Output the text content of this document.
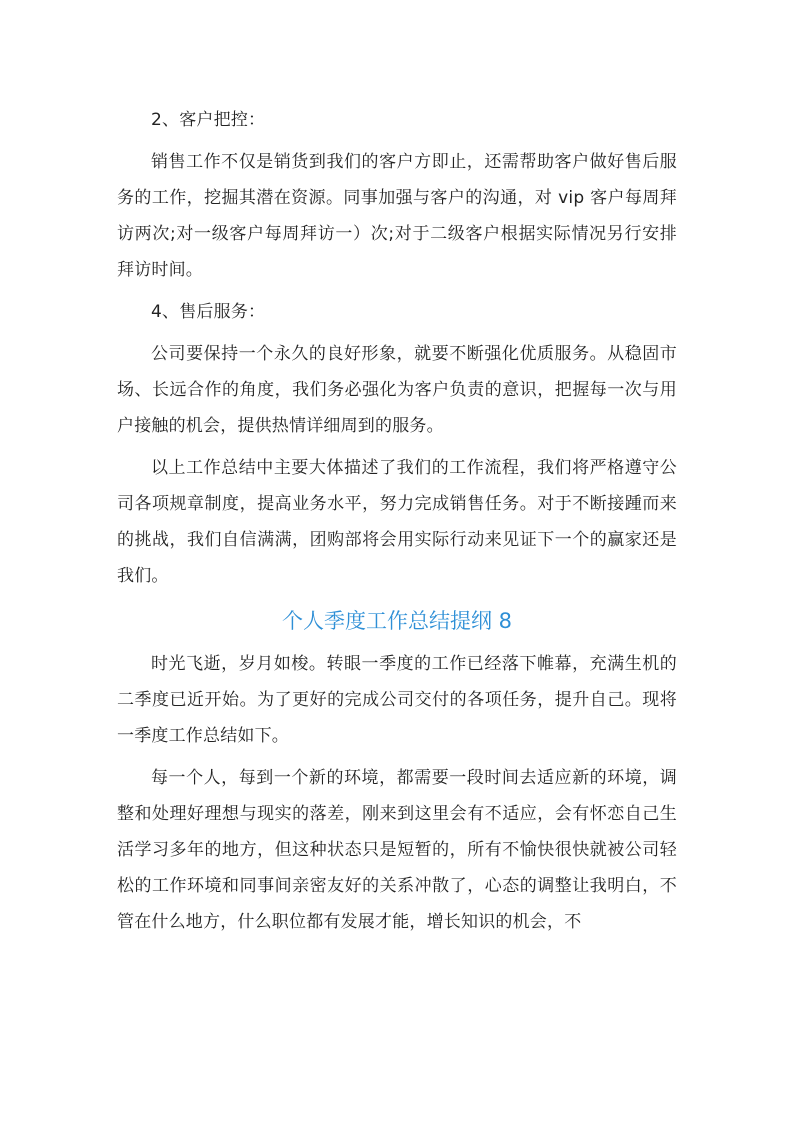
2、客户把控：

销售工作不仅是销货到我们的客户方即止，还需帮助客户做好售后服务的工作，挖掘其潜在资源。同事加强与客户的沟通，对 vip 客户每周拜访两次;对一级客户每周拜访一）次;对于二级客户根据实际情况另行安排拜访时间。

4、售后服务：

公司要保持一个永久的良好形象，就要不断强化优质服务。从稳固市场、长远合作的角度，我们务必强化为客户负责的意识，把握每一次与用户接触的机会，提供热情详细周到的服务。

以上工作总结中主要大体描述了我们的工作流程，我们将严格遵守公司各项规章制度，提高业务水平，努力完成销售任务。对于不断接踵而来的挑战，我们自信满满，团购部将会用实际行动来见证下一个的赢家还是我们。

个人季度工作总结提纲 8

时光飞逝，岁月如梭。转眼一季度的工作已经落下帷幕，充满生机的二季度已近开始。为了更好的完成公司交付的各项任务，提升自己。现将一季度工作总结如下。

每一个人，每到一个新的环境，都需要一段时间去适应新的环境，调整和处理好理想与现实的落差，刚来到这里会有不适应，会有怀恋自己生活学习多年的地方，但这种状态只是短暂的，所有不愉快很快就被公司轻松的工作环境和同事间亲密友好的关系冲散了，心态的调整让我明白，不管在什么地方，什么职位都有发展才能，增长知识的机会，不
